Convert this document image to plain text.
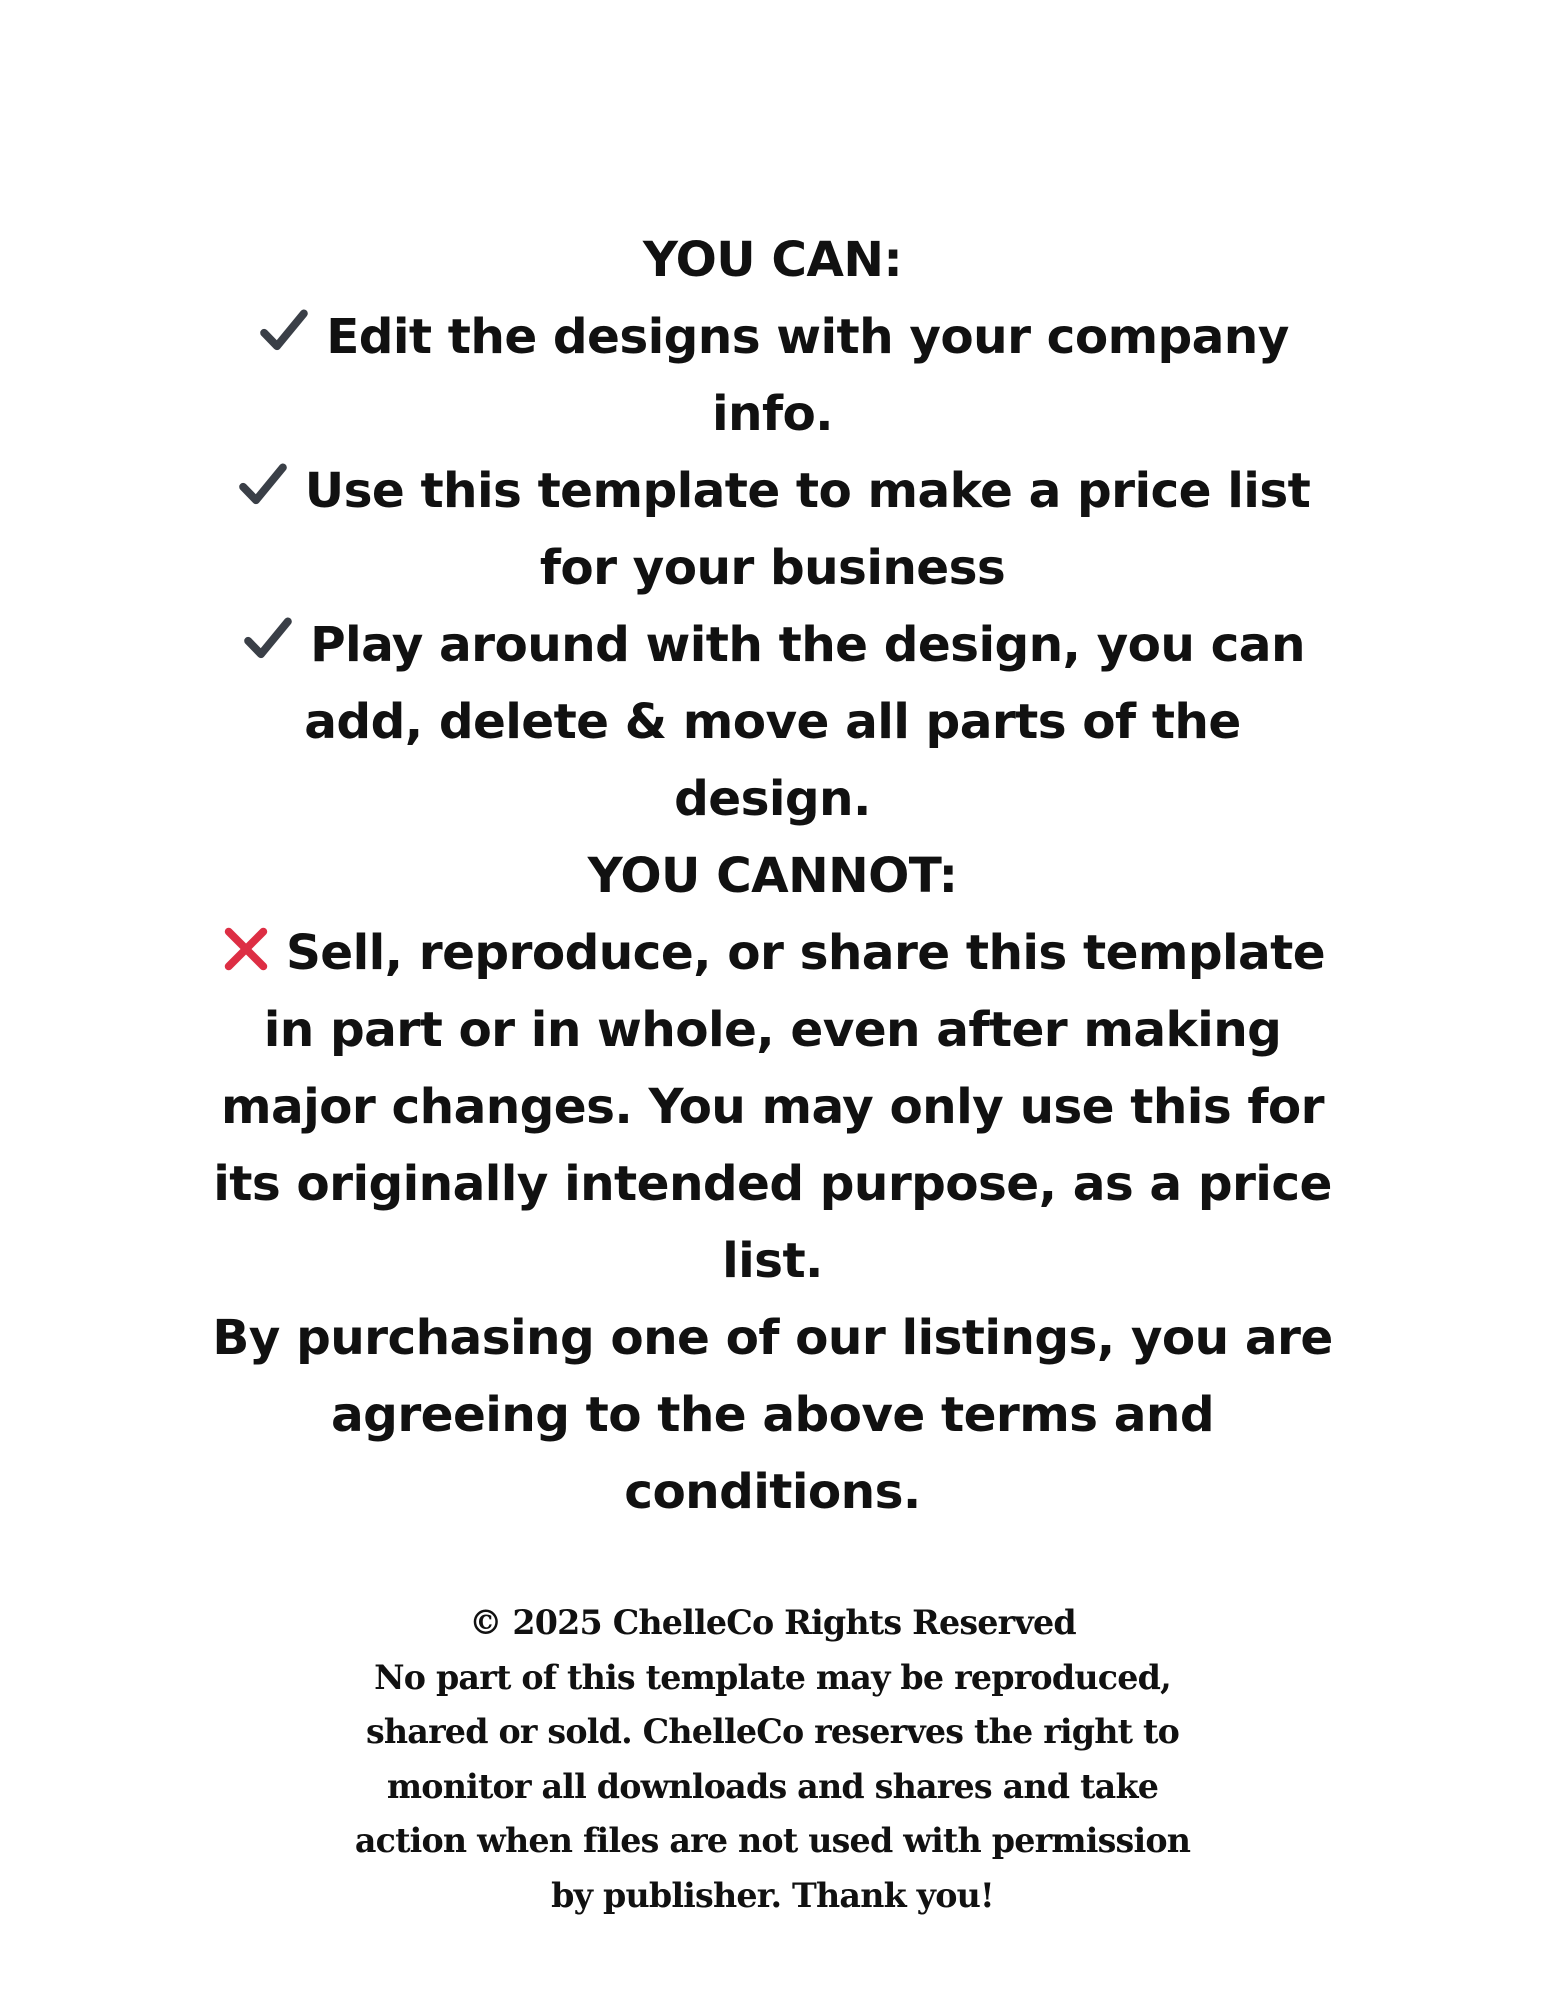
YOU CAN:
Edit the designs with your company
info.
Use this template to make a price list
for your business
Play around with the design, you can
add, delete & move all parts of the
design.
YOU CANNOT:
Sell, reproduce, or share this template
in part or in whole, even after making
major changes. You may only use this for
its originally intended purpose, as a price
list.
By purchasing one of our listings, you are
agreeing to the above terms and
conditions.
© 2025 ChelleCo Rights Reserved
No part of this template may be reproduced,
shared or sold. ChelleCo reserves the right to
monitor all downloads and shares and take
action when files are not used with permission
by publisher. Thank you!
